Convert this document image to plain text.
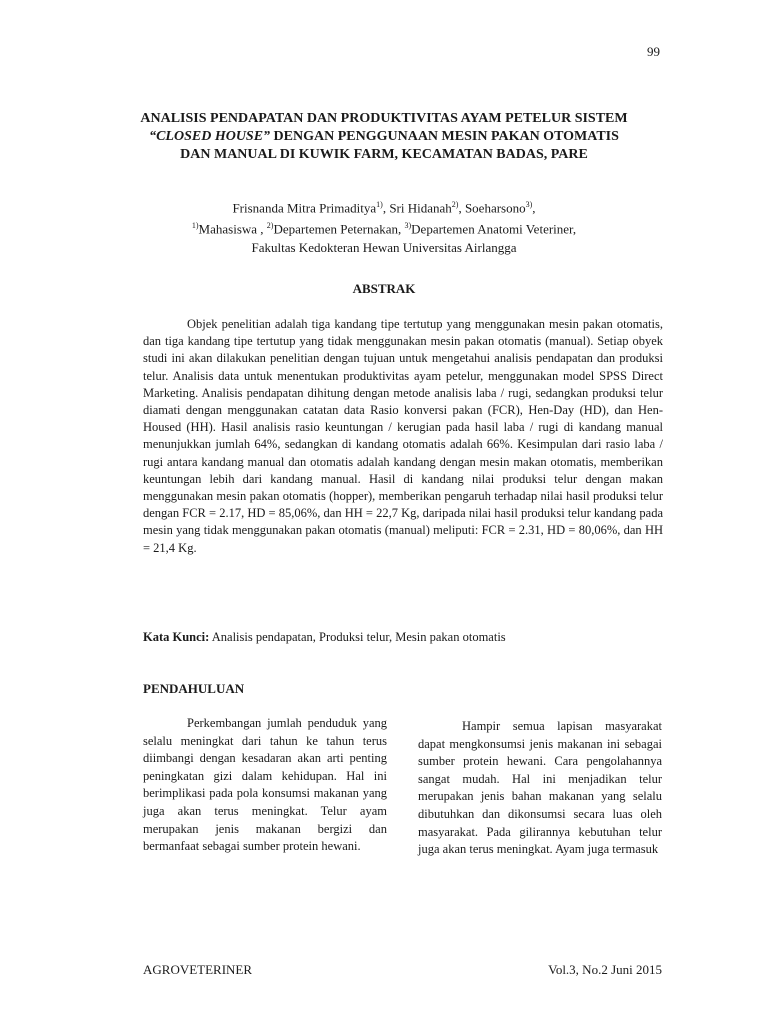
99
ANALISIS PENDAPATAN DAN PRODUKTIVITAS AYAM PETELUR SISTEM
“CLOSED HOUSE” DENGAN PENGGUNAAN MESIN PAKAN OTOMATIS
DAN MANUAL DI KUWIK FARM, KECAMATAN BADAS, PARE
Frisnanda Mitra Primaditya$^{1)}$, Sri Hidanah$^{2)}$, Soeharsono$^{3)}$,
$^{1)}$Mahasiswa , $^{2)}$Departemen Peternakan, $^{3)}$Departemen Anatomi Veteriner,
Fakultas Kedokteran Hewan Universitas Airlangga
ABSTRAK

Objek penelitian adalah tiga kandang tipe tertutup yang menggunakan mesin pakan otomatis, dan tiga kandang tipe tertutup yang tidak menggunakan mesin pakan otomatis (manual). Setiap obyek studi ini akan dilakukan penelitian dengan tujuan untuk mengetahui analisis pendapatan dan produksi telur. Analisis data untuk menentukan produktivitas ayam petelur, menggunakan model SPSS Direct Marketing. Analisis pendapatan dihitung dengan metode analisis laba / rugi, sedangkan produksi telur diamati dengan menggunakan catatan data Rasio konversi pakan (FCR), Hen-Day (HD), dan Hen-Housed (HH). Hasil analisis rasio keuntungan / kerugian pada hasil laba / rugi di kandang manual menunjukkan jumlah 64%, sedangkan di kandang otomatis adalah 66%. Kesimpulan dari rasio laba / rugi antara kandang manual dan otomatis adalah kandang dengan mesin makan otomatis, memberikan keuntungan lebih dari kandang manual. Hasil di kandang nilai produksi telur dengan makan menggunakan mesin pakan otomatis (hopper), memberikan pengaruh terhadap nilai hasil produksi telur dengan FCR = 2.17, HD = 85,06%, dan HH = 22,7 Kg, daripada nilai hasil produksi telur kandang pada mesin yang tidak menggunakan pakan otomatis (manual) meliputi: FCR = 2.31, HD = 80,06%, dan HH = 21,4 Kg.

Kata Kunci: Analisis pendapatan, Produksi telur, Mesin pakan otomatis
PENDAHULUAN

Perkembangan jumlah penduduk yang selalu meningkat dari tahun ke tahun terus diimbangi dengan kesadaran akan arti penting peningkatan gizi dalam kehidupan. Hal ini berimplikasi pada pola konsumsi makanan yang juga akan terus meningkat. Telur ayam merupakan jenis makanan bergizi dan bermanfaat sebagai sumber protein hewani.

Hampir semua lapisan masyarakat dapat mengkonsumsi jenis makanan ini sebagai sumber protein hewani. Cara pengolahannya sangat mudah. Hal ini menjadikan telur merupakan jenis bahan makanan yang selalu dibutuhkan dan dikonsumsi secara luas oleh masyarakat. Pada gilirannya kebutuhan telur juga akan terus meningkat. Ayam juga termasuk

AGROVETERINER	Vol.3, No.2 Juni 2015
